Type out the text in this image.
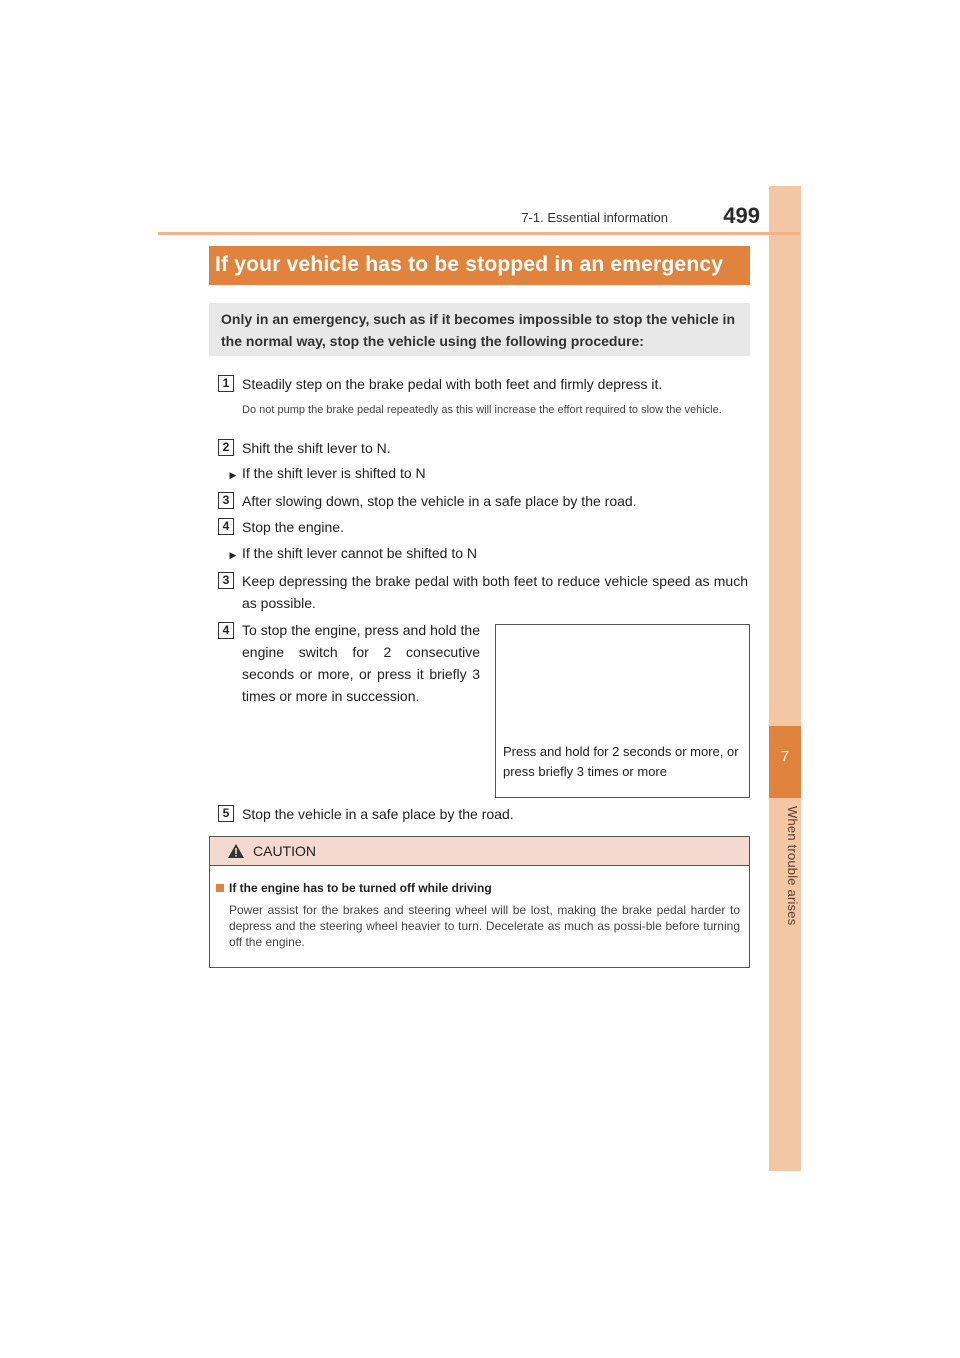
7
When trouble arises
7-1. Essential information	499
If your vehicle has to be stopped in an emergency
Only in an emergency, such as if it becomes impossible to stop the vehicle in the normal way, stop the vehicle using the following procedure:
1 Steadily step on the brake pedal with both feet and firmly depress it.
Do not pump the brake pedal repeatedly as this will increase the effort required to slow the vehicle.
2 Shift the shift lever to N.
▶ If the shift lever is shifted to N
3 After slowing down, stop the vehicle in a safe place by the road.
4 Stop the engine.
▶ If the shift lever cannot be shifted to N
3 Keep depressing the brake pedal with both feet to reduce vehicle speed as much as possible.
4 To stop the engine, press and hold the engine switch for 2 consecutive seconds or more, or press it briefly 3 times or more in succession.
Press and hold for 2 seconds or more, or press briefly 3 times or more
5 Stop the vehicle in a safe place by the road.
CAUTION
If the engine has to be turned off while driving
Power assist for the brakes and steering wheel will be lost, making the brake pedal harder to depress and the steering wheel heavier to turn. Decelerate as much as possi-ble before turning off the engine.
